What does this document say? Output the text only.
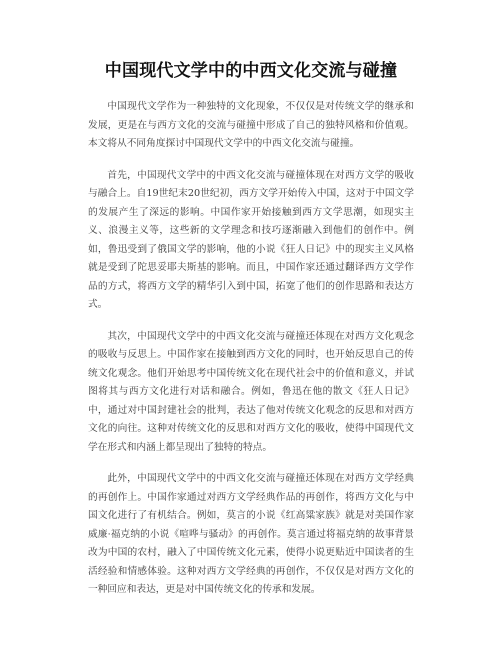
中国现代文学中的中西文化交流与碰撞

中国现代文学作为一种独特的文化现象，不仅仅是对传统文学的继承和发展，更是在与西方文化的交流与碰撞中形成了自己的独特风格和价值观。本文将从不同角度探讨中国现代文学中的中西文化交流与碰撞。

首先，中国现代文学中的中西文化交流与碰撞体现在对西方文学的吸收与融合上。自19世纪末20世纪初，西方文学开始传入中国，这对于中国文学的发展产生了深远的影响。中国作家开始接触到西方文学思潮，如现实主义、浪漫主义等，这些新的文学理念和技巧逐渐融入到他们的创作中。例如，鲁迅受到了俄国文学的影响，他的小说《狂人日记》中的现实主义风格就是受到了陀思妥耶夫斯基的影响。而且，中国作家还通过翻译西方文学作品的方式，将西方文学的精华引入到中国，拓宽了他们的创作思路和表达方式。

其次，中国现代文学中的中西文化交流与碰撞还体现在对西方文化观念的吸收与反思上。中国作家在接触到西方文化的同时，也开始反思自己的传统文化观念。他们开始思考中国传统文化在现代社会中的价值和意义，并试图将其与西方文化进行对话和融合。例如，鲁迅在他的散文《狂人日记》中，通过对中国封建社会的批判，表达了他对传统文化观念的反思和对西方文化的向往。这种对传统文化的反思和对西方文化的吸收，使得中国现代文学在形式和内涵上都呈现出了独特的特点。

此外，中国现代文学中的中西文化交流与碰撞还体现在对西方文学经典的再创作上。中国作家通过对西方文学经典作品的再创作，将西方文化与中国文化进行了有机结合。例如，莫言的小说《红高粱家族》就是对美国作家威廉·福克纳的小说《喧哗与骚动》的再创作。莫言通过将福克纳的故事背景改为中国的农村，融入了中国传统文化元素，使得小说更贴近中国读者的生活经验和情感体验。这种对西方文学经典的再创作，不仅仅是对西方文化的一种回应和表达，更是对中国传统文化的传承和发展。
